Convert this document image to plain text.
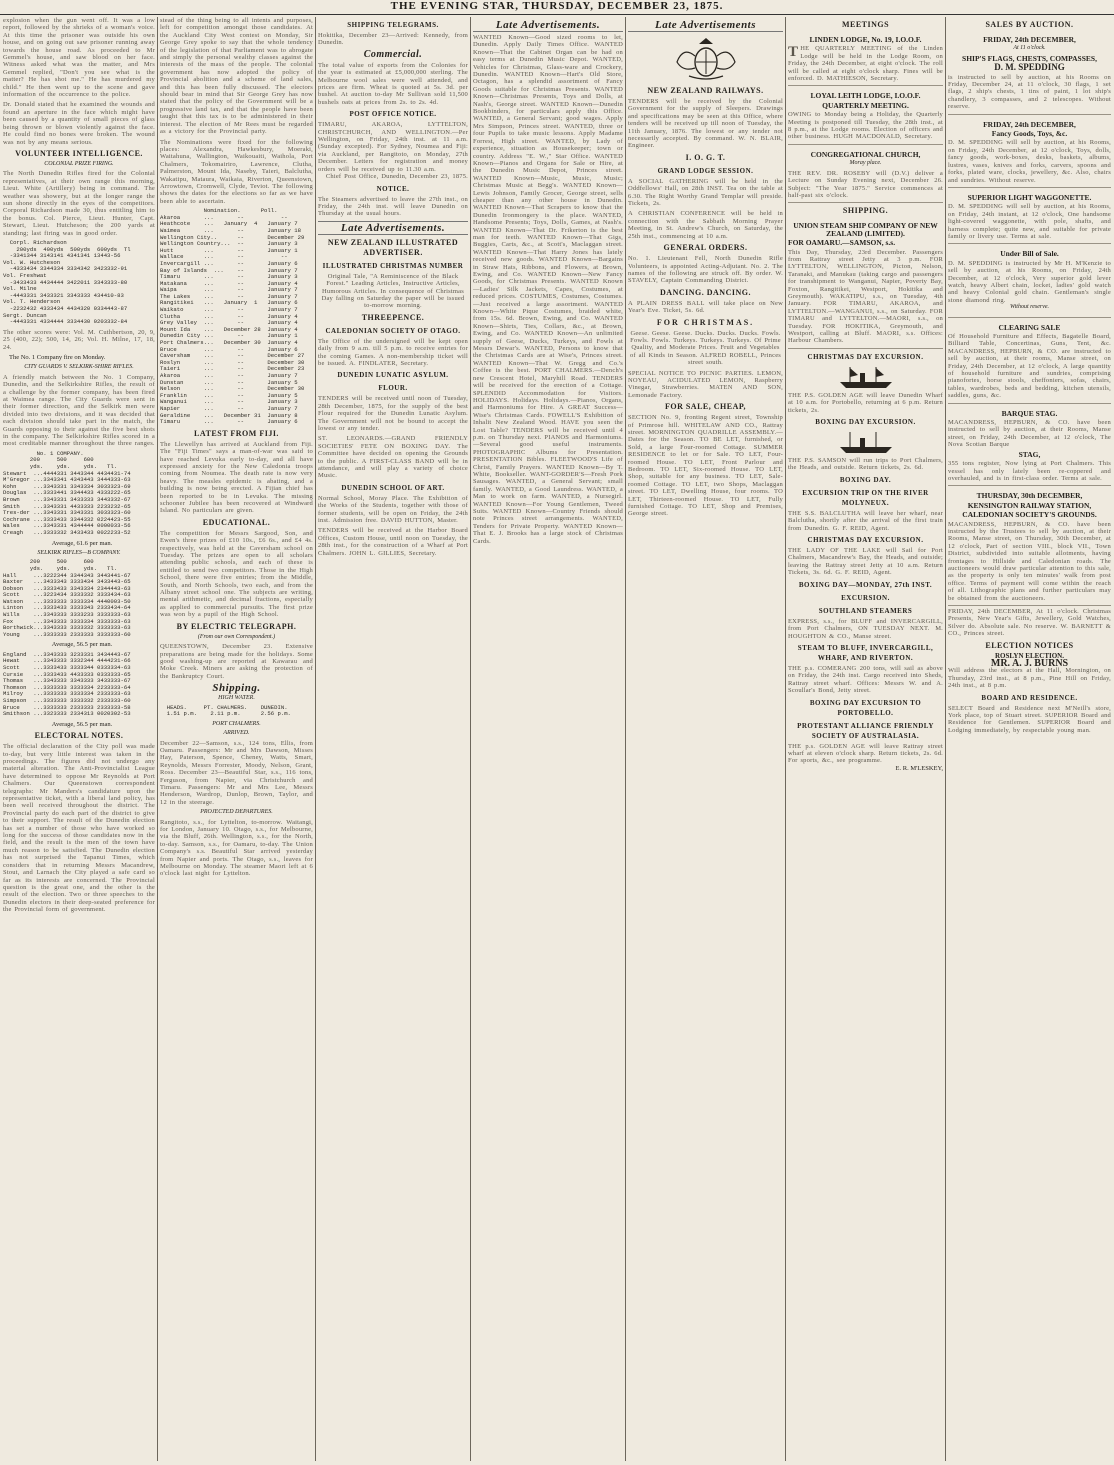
THE EVENING STAR, THURSDAY, DECEMBER 23, 1875.
explosion when the gun went off. It was a low report, followed by the shrieks of a woman's voice. At this time the prisoner was outside his own house, and on going out saw prisoner running away towards the house road. As proceeded to Mr Gemmel's house, and saw blood on her face. Witness asked what was the matter, and Mrs Gemmel replied, "Don't you see what is the matter? He has shot me." He has murdered my child." He then went up to the scene and gave information of the occurrence to the police.
Dr. Donald stated that he examined the wounds and found an aperture in the face which might have been caused by a quantity of small pieces of glass being thrown or blown violently against the face. He could find no bones were broken. The wound was not by any means serious.
VOLUNTEER INTELLIGENCE.
COLONIAL PRIZE FIRING.
The North Dunedin Rifles fired for the Colonial representatives, at their own range this morning, Lieut. White (Artillery) being in command. The weather was showery, but at the longer range the sun shone directly in the eyes of the competitors. Corporal Richardson made 30, thus entitling him to the bonus. Col. Pierce, Lieut. Hunter, Capt. Stewart, Lieut. Hutcheson; the 200 yards at standing; last firing was in good order.
Corpl. Richardson
200yds  400yds  500yds  600yds  Tl
-3341344 3143141 4341341 13443-56
Vol. W. Hutcheson
-4333434 3344334 3334342 3423332-91
Vol. Freshwat
-3433433 4434444 3422011 3343333-80
Vol. Milne
-4443331 3433321 3343333 434410-83
Vol. T. Henderson
-2232432 4333434 4434320 0334443-87
Sergt. Duncan
-4443331 4334444 3334430 0203332-84
The other scores were: Vol. M. Cuthbertson, 20, 9, 25 (400, 22); 500, 14, 26; Vol. H. Milne, 17, 18, 24.
The No. 1 Company fire on Monday.
CITY GUARDS V. SELKIRK-SHIRE RIFLES.
A friendly match between the No. 1 Company, Dunedin, and the Selkirkshire Rifles, the result of a challenge by the former company, has been fired at Waimea range. The City Guards were sent in their former direction, and the Selkirk men were divided into two divisions, and it was decided that each division should take part in the match, the Guards opposing to their against the five best shots in the company. The Selkirkshire Rifles scored in a most creditable manner throughout the three ranges.
No. 1 COMPANY.
200     500     600
yds.    yds.    yds.   Tl.
Stewart  ...4444331 3443344 4434431-74
M'Gregor ...3343341 4343443 3444333-63
Kohn     ...3343331 3343334 3033323-69
Douglas  ...3333441 3344433 4333222-65
Brown    ...3343331 3433333 3443332-67
Smith    ...3343331 4433333 2233232-65
Tres-der ...3343331 3343331 3033323-60
Cochrane ...3333433 3344332 0224423-55
Wales    ...3343331 4344444 0000033-56
Creagh   ...3333332 3433433 0022233-52
Average, 61.6 per man.
SELKIRK RIFLES—B COMPANY.
200     500     600
yds.    yds.    yds.   Tl.
Hall     ...3222344 3344343 3443441-67
Baxter   ...3433343 3333434 3433443-65
Dobson   ...3333433 3343334 2344443-63
Scott    ...3223434 3333332 3333434-63
Watson   ...3333333 3333334 4440003-50
Linton   ...3333433 3333343 2333434-64
Wills    ...3343333 3333233 3333333-63
Fox      ...3343333 3333334 3333333-63
Borthwick...3343333 3333332 3333333-63
Young    ...3333333 2333333 3333333-60
Average, 56.5 per man.
England  ...3343333 3233331 3434443-67
Hewat    ...3343333 3332344 4444231-66
Scott    ...3333433 3333344 0333334-63
Cursie   ...3333433 4433333 0333333-65
Thomas   ...3343333 3343333 3433333-67
Thomson  ...3333333 3333334 2233333-64
Milroy   ...3333333 3333334 2333333-63
Simpson  ...3333333 3333332 2333333-60
Bruce    ...3333333 2333333 2333333-58
Smithson ...3323333 2334313 0020302-53
Average, 56.5 per man.
ELECTORAL NOTES.
The official declaration of the City poll was made to-day, but very little interest was taken in the proceedings. The figures did not undergo any material alteration. The Anti-Provincialist League have determined to oppose Mr Reynolds at Port Chalmers. Our Queenstown correspondent telegraphs: Mr Manders's candidature upon the representative ticket, with a liberal land policy, has been well received throughout the district. The Provincial party do each part of the district to give to their support. The result of the Dunedin election has set a number of those who have worked so long for the success of those candidates now in the field, and the result is the men of the town have much reason to be satisfied. The Dunedin election has not surprised the Tapanui Times, which considers that in returning Messrs Macandrew, Stout, and Larnach the City played a safe card so far as its interests are concerned. The Provincial question is the great one, and the other is the result of the election. Two or three speeches to the Dunedin electors in their deep-seated preference for the Provincial form of government.
stead of the thing being to all intents and purposes, left for competition amongst those candidates. At the Auckland City West contest on Monday, Sir George Grey spoke to say that the whole tendency of the legislation of that Parliament was to abrogate and simply the personal wealthy classes against the interests of the mass of the people. The colonial government has now adopted the policy of Provincial abolition and a scheme of land sales, and this has been fully discussed. The electors should bear in mind that Sir George Grey has now stated that the policy of the Government will be a progressive land tax, and that the people have been taught that this tax is to be administered in their interest. The election of Mr Rees must be regarded as a victory for the Provincial party.
The Nominations were fixed for the following places: Alexandra, Hawkesbury, Moeraki, Waitahuna, Wallington, Waikouaiti, Waihola, Port Chalmers, Tokomairiro, Lawrence, Clutha, Palmerston, Mount Ida, Naseby, Taieri, Balclutha, Wakatipu, Mataura, Waikaia, Riverton, Queenstown, Arrowtown, Cromwell, Clyde, Teviot. The following shows the dates for the elections so far as we have been able to ascertain.
Nomination.      Poll.
Akaroa       ...       --           --
Heathcote    ...   January  4   January 7
Waimea       ...       --       January 18
Wellington City..      --       December 29
Wellington Country...  --       January 3
Hutt         ...       --       January 1
Wallace      ...       --           --
Invercargill ...       --       January 6
Bay of Islands  ...    --       January 7
Timaru       ...       --       January 3
Matakana     ...       --       January 4
Waipa        ...       --       January 7
The Lakes    ...       --       January 7
Rangitikei   ...   January  1   January 6
Waikato      ...       --       January 7
Clutha       ...       --       January 4
Grey Valley  ...       --       January 4
Mount Ida    ...   December 28  January 4
Dunedin City ...       --       January 1
Port Chalmers...   December 30  January 4
Bruce        ...       --       January 6
Caversham    ...       --       December 27
Roslyn       ...       --       December 30
Taieri       ...       --       December 23
Akaroa       ...       --       January 7
Dunstan      ...       --       January 5
Nelson       ...       --       December 30
Franklin     ...       --       January 5
Wanganui     ...       --       January 3
Napier       ...       --       January 7
Geraldine    ...   December 31  January 8
Timaru       ...       --       January 6
LATEST FROM FIJI.
The Llewellyn has arrived at Auckland from Fiji. The "Fiji Times" says a man-of-war was said to have reached Levuka early to-day, and all have expressed anxiety for the New Caledonia troops coming from Noumea. The death rate is now very heavy. The measles epidemic is abating, and a building is now being erected. A Fijian chief has been reported to be in Levuka. The missing schooner Jubilee has been recovered at Windward Island. No particulars are given.
EDUCATIONAL.
The competition for Messrs Sargood, Son, and Ewen's three prizes of £10 10s., £6 6s., and £4 4s. respectively, was held at the Caversham school on Tuesday. The prizes are open to all scholars attending public schools, and each of these is entitled to send two competitors. Those in the High School, there were five entries; from the Middle, South, and North Schools, two each, and from the Albany street school one. The subjects are writing, mental arithmetic, and decimal fractions, especially as applied to commercial pursuits. The first prize was won by a pupil of the High School.
BY ELECTRIC TELEGRAPH.
(From our own Correspondent.)
QUEENSTOWN, December 23. Extensive preparations are being made for the holidays. Some good washing-up are reported at Kawarau and Moke Creek. Miners are asking the protection of the Bankruptcy Court.
Shipping.
HIGH WATER.
HEADS.     PT. CHALMERS.    DUNEDIN.
1.51 p.m.    2.11 p.m.      2.56 p.m.
PORT CHALMERS.
ARRIVED.
December 22—Samson, s.s., 124 tons, Ellis, from Oamaru. Passengers: Mr and Mrs Dawson, Misses Hay, Paterson, Spence, Cheney, Watts, Smart, Reynolds, Messrs Forrester, Moody, Nelson, Grant, Ross. December 23—Beautiful Star, s.s., 116 tons, Ferguson, from Napier, via Christchurch and Timaru. Passengers: Mr and Mrs Lee, Messrs Henderson, Wardrop, Dunlop, Brown, Taylor, and 12 in the steerage.
PROJECTED DEPARTURES.
Rangitoto, s.s., for Lyttelton, to-morrow. Waitangi, for London, January 10. Otago, s.s., for Melbourne, via the Bluff, 26th. Wellington, s.s., for the North, to-day. Samson, s.s., for Oamaru, to-day. The Union Company's s.s. Beautiful Star arrived yesterday from Napier and ports. The Otago, s.s., leaves for Melbourne on Monday. The steamer Maori left at 6 o'clock last night for Lyttelton.
SHIPPING TELEGRAMS.
Hokitika, December 23—Arrived: Kennedy, from Dunedin.
Commercial.
The total value of exports from the Colonies for the year is estimated at £5,000,000 sterling. The Melbourne wool sales were well attended, and prices are firm. Wheat is quoted at 5s. 3d. per bushel. At auction to-day Mr Sullivan sold 11,500 bushels oats at prices from 2s. to 2s. 4d.
POST OFFICE NOTICE.
TIMARU, AKAROA, LYTTELTON, CHRISTCHURCH, AND WELLINGTON.—Per Wellington, on Friday, 24th inst. at 11 a.m. (Sunday excepted). For Sydney, Noumea and Fiji: via Auckland, per Rangitoto, on Monday, 27th December. Letters for registration and money orders will be received up to 11.30 a.m.
Chief Post Office, Dunedin, December 23, 1875.
NOTICE.
The Steamers advertised to leave the 27th inst., on Friday, the 24th inst. will leave Dunedin on Thursday at the usual hours.
Late Advertisements.
NEW ZEALAND ILLUSTRATED ADVERTISER.
ILLUSTRATED CHRISTMAS NUMBER
Original Tale, "A Reminiscence of the Black Forest." Leading Articles, Instructive Articles, Humorous Articles. In consequence of Christmas Day falling on Saturday the paper will be issued to-morrow morning.
THREEPENCE.
CALEDONIAN SOCIETY OF OTAGO.
The Office of the undersigned will be kept open daily from 9 a.m. till 5 p.m. to receive entries for the coming Games. A non-membership ticket will be issued. A. FINDLATER, Secretary.
DUNEDIN LUNATIC ASYLUM.
FLOUR.
TENDERS will be received until noon of Tuesday, 28th December, 1875, for the supply of the best Flour required for the Dunedin Lunatic Asylum. The Government will not be bound to accept the lowest or any tender.
ST. LEONARDS.—GRAND FRIENDLY SOCIETIES' FETE ON BOXING DAY. The Committee have decided on opening the Grounds to the public. A FIRST-CLASS BAND will be in attendance, and will play a variety of choice Music.
DUNEDIN SCHOOL OF ART.
Normal School, Moray Place. The Exhibition of the Works of the Students, together with those of former students, will be open on Friday, the 24th inst. Admission free. DAVID HUTTON, Master.
TENDERS will be received at the Harbor Board Offices, Custom House, until noon on Tuesday, the 28th inst., for the construction of a Wharf at Port Chalmers. JOHN L. GILLIES, Secretary.
Late Advertisements.
WANTED Known—Good sized rooms to let, Dunedin. Apply Daily Times Office. WANTED Known—That the Cabinet Organ can be had on easy terms at Dunedin Music Depot. WANTED, Vehicles for Christmas, Glass-ware and Crockery, Dunedin. WANTED Known—Hart's Old Store, Octagon, has a splendid assortment of Fancy Goods suitable for Christmas Presents. WANTED Known—Christmas Presents, Toys and Dolls, at Nash's, George street. WANTED Known—Dunedin Bookbinders, for particulars apply this Office. WANTED, a General Servant; good wages. Apply Mrs Simpson, Princes street. WANTED, three or four Pupils to take music lessons. Apply Madame Forrest, High street. WANTED, by Lady of experience, situation as Housekeeper; town or country. Address "E. W.," Star Office. WANTED Known—Pianos and Organs for Sale or Hire, at the Dunedin Music Depot, Princes street. WANTED Known—Music, Music, Music; Christmas Music at Begg's. WANTED Known—Lewis Johnson, Family Grocer, George street, sells cheaper than any other house in Dunedin. WANTED Known—That Scrapers to know that the Dunedin Ironmongery is the place. WANTED, Handsome Presents; Toys, Dolls, Games, at Nash's. WANTED Known—That Dr. Frikerton is the best man for teeth. WANTED Known—That Gigs, Buggies, Carts, &c., at Scott's, Maclaggan street. WANTED Known—That Harry Jones has lately received new goods. WANTED Known—Bargains in Straw Hats, Ribbons, and Flowers, at Brown, Ewing, and Co. WANTED Known—New Fancy Goods, for Christmas Presents. WANTED Known—Ladies' Silk Jackets, Capes, Costumes, at reduced prices. COSTUMES, Costumes, Costumes.—Just received a large assortment. WANTED Known—White Pique Costumes, braided white, from 15s. 6d. Brown, Ewing, and Co. WANTED Known—Shirts, Ties, Collars, &c., at Brown, Ewing, and Co. WANTED Known—An unlimited supply of Geese, Ducks, Turkeys, and Fowls at Messrs Dewar's. WANTED, Persons to know that the Christmas Cards are at Wise's, Princes street. WANTED Known—That W. Gregg and Co.'s Coffee is the best. PORT CHALMERS.—Dench's new Crescent Hotel, Maryhill Road. TENDERS will be received for the erection of a Cottage. SPLENDID Accommodation for Visitors. HOLIDAYS. Holidays. Holidays.—Pianos, Organs, and Harmoniums for Hire. A GREAT Success—Wise's Christmas Cards. FOWELL'S Exhibition of Inhalit New Zealand Wood. HAVE you seen the Lost Table? TENDERS will be received until 4 p.m. on Thursday next. PIANOS and Harmoniums.—Several good useful instruments. PHOTOGRAPHIC Albums for Presentation. PRESENTATION Bibles. FLEETWOOD'S Life of Christ, Family Prayers. WANTED Known—By T. White, Bookseller. WANT-GORDER'S—Fresh Pork Sausages. WANTED, a General Servant; small family. WANTED, a Good Laundress. WANTED, a Man to work on farm. WANTED, a Nursegirl. WANTED Known—For Young Gentlemen, Tweed Suits. WANTED Known—Country Friends should note Princes street arrangements. WANTED, Tenders for Private Property. WANTED Known—That E. J. Brooks has a large stock of Christmas Cards.
Late Advertisements
NEW ZEALAND RAILWAYS.
TENDERS will be received by the Colonial Government for the supply of Sleepers. Drawings and specifications may be seen at this Office, where tenders will be received up till noon of Tuesday, the 11th January, 1876. The lowest or any tender not necessarily accepted. By command. W. N. BLAIR, Engineer.
I. O. G. T.
GRAND LODGE SESSION.
A SOCIAL GATHERING will be held in the Oddfellows' Hall, on 28th INST. Tea on the table at 6.30. The Right Worthy Grand Templar will preside. Tickets, 2s.
A CHRISTIAN CONFERENCE will be held in connection with the Sabbath Morning Prayer Meeting, in St. Andrew's Church, on Saturday, the 25th inst., commencing at 10 a.m.
GENERAL ORDERS.
No. 1. Lieutenant Fell, North Dunedin Rifle Volunteers, is appointed Acting-Adjutant. No. 2. The names of the following are struck off. By order. W. STAVELY, Captain Commanding District.
DANCING. DANCING.
A PLAIN DRESS BALL will take place on New Year's Eve. Ticket, 5s. 6d.
FOR CHRISTMAS.
Geese. Geese. Geese. Ducks. Ducks. Ducks. Fowls. Fowls. Fowls. Turkeys. Turkeys. Turkeys. Of Prime Quality, and Moderate Prices. Fruit and Vegetables of all Kinds in Season. ALFRED ROBELL, Princes street south.
SPECIAL NOTICE TO PICNIC PARTIES. LEMON, NOYEAU, ACIDULATED LEMON, Raspberry Vinegar, Strawberries. MATEN AND SON, Lemonade Factory.
FOR SALE, CHEAP,
SECTION No. 9, fronting Regent street, Township of Primrose hill. WHITELAW AND CO., Rattray street. MORNINGTON QUADRILLE ASSEMBLY.—Dates for the Season. TO BE LET, furnished, or Sold, a large Four-roomed Cottage. SUMMER RESIDENCE to let or for Sale. TO LET, Four-roomed House. TO LET, Front Parlour and Bedroom. TO LET, Six-roomed House. TO LET, Shop, suitable for any business. TO LET, Sale-roomed Cottage. TO LET, two Shops, Maclaggan street. TO LET, Dwelling House, four rooms. TO LET, Thirteen-roomed House. TO LET, Fully furnished Cottage. TO LET, Shop and Premises, George street.
MEETINGS
LINDEN LODGE, No. 19, I.O.O.F.
THE QUARTERLY MEETING of the Linden Lodge will be held in the Lodge Room, on Friday, the 24th December, at eight o'clock. The roll will be called at eight o'clock sharp. Fines will be enforced. D. MATHIESON, Secretary.
LOYAL LEITH LODGE, I.O.O.F.
QUARTERLY MEETING.
OWING to Monday being a Holiday, the Quarterly Meeting is postponed till Tuesday, the 28th inst., at 8 p.m., at the Lodge rooms. Election of officers and other business. HUGH MACDONALD, Secretary.
CONGREGATIONAL CHURCH,
Moray place.
THE REV. DR. ROSEBY will (D.V.) deliver a Lecture on Sunday Evening next, December 26. Subject: "The Year 1875." Service commences at half-past six o'clock.
SHIPPING.
UNION STEAM SHIP COMPANY OF NEW ZEALAND (LIMITED).
FOR OAMARU.—SAMSON, s.s.
This Day, Thursday, 23rd December. Passengers from Rattray street Jetty at 3 p.m. FOR LYTTELTON, WELLINGTON, Picton, Nelson, Taranaki, and Manukau (taking cargo and passengers for transhipment to Wanganui, Napier, Poverty Bay, Foxton, Rangitikei, Westport, Hokitika and Greymouth). WAKATIPU, s.s., on Tuesday, 4th January. FOR TIMARU, AKAROA, and LYTTELTON.—WANGANUI, s.s., on Saturday. FOR TIMARU and LYTTELTON.—MAORI, s.s., on Tuesday. FOR HOKITIKA, Greymouth, and Westport, calling at Bluff. MAORI, s.s. Offices: Harbour Chambers.
CHRISTMAS DAY EXCURSION.
THE P.S. GOLDEN AGE will leave Dunedin Wharf at 10 a.m. for Portobello, returning at 6 p.m. Return tickets, 2s.
BOXING DAY EXCURSION.
THE P.S. SAMSON will run trips to Port Chalmers, the Heads, and outside. Return tickets, 2s. 6d.
BOXING DAY.
EXCURSION TRIP ON THE RIVER MOLYNEUX.
THE S.S. BALCLUTHA will leave her wharf, near Balclutha, shortly after the arrival of the first train from Dunedin. G. F. REID, Agent.
CHRISTMAS DAY EXCURSION.
THE LADY OF THE LAKE will Sail for Port Chalmers, Macandrew's Bay, the Heads, and outside; leaving the Rattray street Jetty at 10 a.m. Return Tickets, 3s. 6d. G. F. REID, Agent.
BOXING DAY—MONDAY, 27th INST.
EXCURSION.
SOUTHLAND STEAMERS
EXPRESS, s.s., for BLUFF and INVERCARGILL, from Port Chalmers, ON TUESDAY NEXT. M. HOUGHTON & CO., Manse street.
STEAM TO BLUFF, INVERCARGILL, WHARF, AND RIVERTON.
THE p.s. COMERANG 200 tons, will sail as above on Friday, the 24th inst. Cargo received into Sheds, Rattray street wharf. Offices: Messrs W. and A. Scoullar's Bond, Jetty street.
BOXING DAY EXCURSION TO PORTOBELLO.
PROTESTANT ALLIANCE FRIENDLY SOCIETY OF AUSTRALASIA.
THE p.s. GOLDEN AGE will leave Rattray street wharf at eleven o'clock sharp. Return tickets, 2s. 6d. For sports, &c., see programme.
E. R. M'LESKEY,
SALES BY AUCTION.
FRIDAY, 24th DECEMBER,
At 11 o'clock.
SHIP'S FLAGS, CHESTS, COMPASSES,
D. M. SPEDDING
is instructed to sell by auction, at his Rooms on Friday, December 24, at 11 o'clock, 30 flags, 1 set flags, 2 ship's chests, 1 tins of paint, 1 lot ship's chandlery, 3 compasses, and 2 telescopes. Without reserve.
FRIDAY, 24th DECEMBER,
Fancy Goods, Toys, &c.
D. M. SPEDDING will sell by auction, at his Rooms, on Friday, 24th December, at 12 o'clock, Toys, dolls, fancy goods, work-boxes, desks, baskets, albums, lustres, vases, knives and forks, carvers, spoons and forks, plated ware, clocks, jewellery, &c. Also, chairs and sundries. Without reserve.
SUPERIOR LIGHT WAGGONETTE.
D. M. SPEDDING will sell by auction, at his Rooms, on Friday, 24th instant, at 12 o'clock, One handsome light-covered waggonette, with pole, shafts, and harness complete; quite new, and suitable for private family or livery use. Terms at sale.
Under Bill of Sale.
D. M. SPEDDING is instructed by Mr H. M'Kenzie to sell by auction, at his Rooms, on Friday, 24th December, at 12 o'clock, Very superior gold lever watch, heavy Albert chain, locket, ladies' gold watch and heavy Colonial gold chain. Gentleman's single stone diamond ring.
Without reserve.
CLEARING SALE
Of Household Furniture and Effects, Bagatelle Board, Billiard Table, Concertinas, Guns, Tent, &c. MACANDRESS, HEPBURN, & CO. are instructed to sell by auction, at their rooms, Manse street, on Friday, 24th December, at 12 o'clock, A large quantity of household furniture and sundries, comprising pianofortes, horse stools, cheffoniers, sofas, chairs, tables, wardrobes, beds and bedding, kitchen utensils, saddles, guns, &c.
BARQUE STAG.
MACANDRESS, HEPBURN, & CO. have been instructed to sell by auction, at their Rooms, Manse street, on Friday, 24th December, at 12 o'clock, The Nova Scotian Barque
STAG,
355 tons register, Now lying at Port Chalmers. This vessel has only lately been re-coppered and overhauled, and is in first-class order. Terms at sale.
THURSDAY, 30th DECEMBER,
KENSINGTON RAILWAY STATION,
CALEDONIAN SOCIETY'S GROUNDS.
MACANDRESS, HEPBURN, & CO. have been instructed by the Trustees to sell by auction, at their Rooms, Manse street, on Thursday, 30th December, at 12 o'clock, Part of section VIII., block VII., Town District, subdivided into suitable allotments, having frontages to Hillside and Caledonian roads. The auctioneers would draw particular attention to this sale, as the property is only ten minutes' walk from post office. Terms of payment will come within the reach of all. Lithographic plans and further particulars may be obtained from the auctioneers.
FRIDAY, 24th DECEMBER, At 11 o'clock. Christmas Presents, New Year's Gifts, Jewellery, Gold Watches, Silver do. Absolute sale. No reserve. W. BARNETT & CO., Princes street.
ELECTION NOTICES
ROSLYN ELECTION.
MR. A. J. BURNS
Will address the electors at the Hall, Mornington, on Thursday, 23rd inst., at 8 p.m., Pine Hill on Friday, 24th inst., at 8 p.m.
BOARD AND RESIDENCE.
SELECT Board and Residence next M'Neill's store, York place, top of Stuart street. SUPERIOR Board and Residence for Gentlemen. SUPERIOR Board and Lodging immediately, by respectable young man.
